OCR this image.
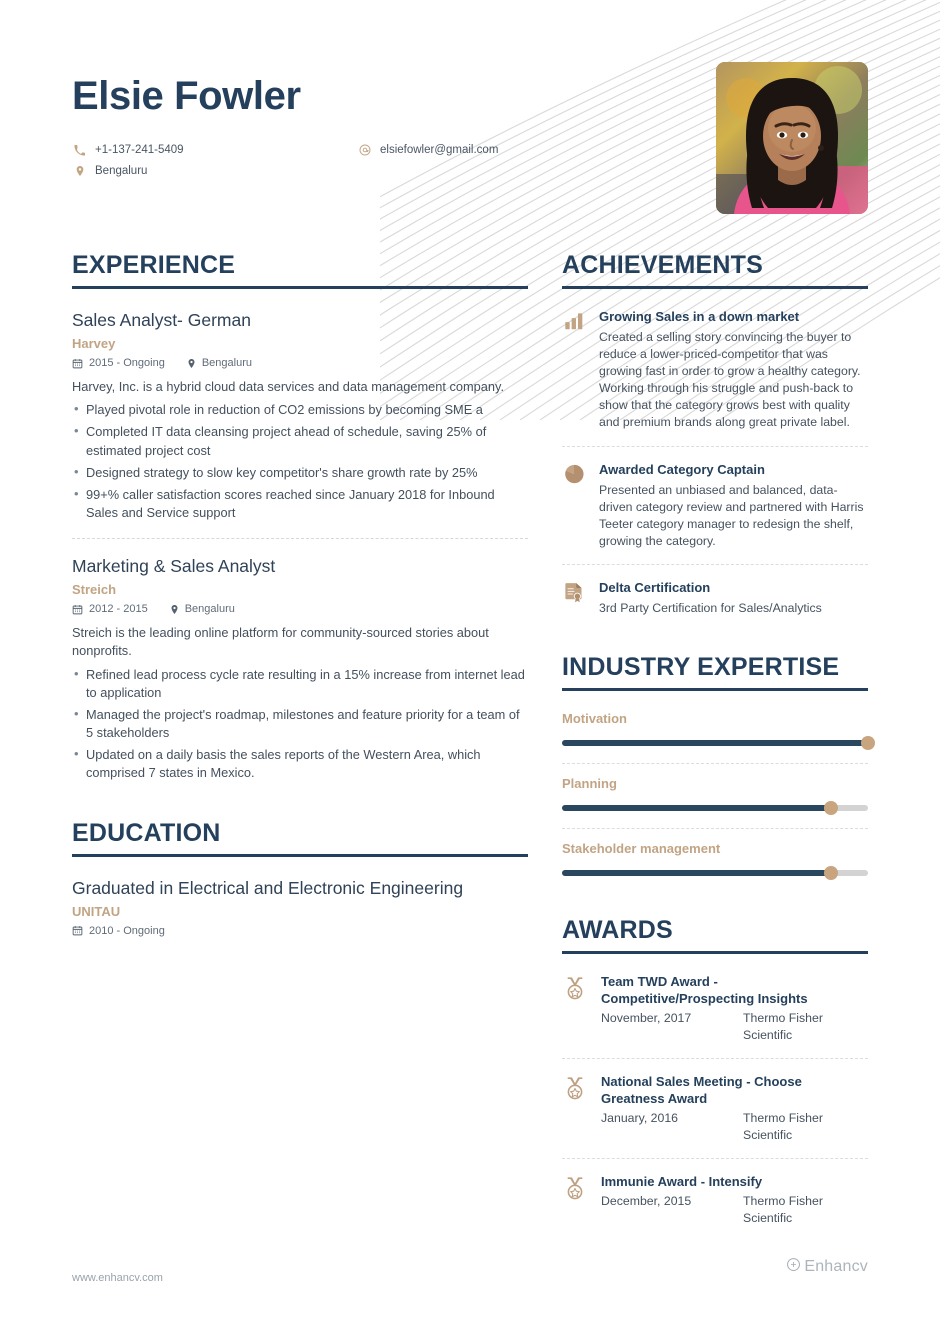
Elsie Fowler
+1-137-241-5409	elsiefowler@gmail.com
Bengaluru
EXPERIENCE
Sales Analyst- German
Harvey
2015 - Ongoing	Bengaluru
Harvey, Inc. is a hybrid cloud data services and data management company.
• Played pivotal role in reduction of CO2 emissions by becoming SME a
• Completed IT data cleansing project ahead of schedule, saving 25% of estimated project cost
• Designed strategy to slow key competitor's share growth rate by 25%
• 99+% caller satisfaction scores reached since January 2018 for Inbound Sales and Service support
Marketing & Sales Analyst
Streich
2012 - 2015	Bengaluru
Streich is the leading online platform for community-sourced stories about nonprofits.
• Refined lead process cycle rate resulting in a 15% increase from internet lead to application
• Managed the project's roadmap, milestones and feature priority for a team of 5 stakeholders
• Updated on a daily basis the sales reports of the Western Area, which comprised 7 states in Mexico.
EDUCATION
Graduated in Electrical and Electronic Engineering
UNITAU
2010 - Ongoing
ACHIEVEMENTS
Growing Sales in a down market
Created a selling story convincing the buyer to reduce a lower-priced-competitor that was growing fast in order to grow a healthy category. Working through his struggle and push-back to show that the category grows best with quality and premium brands along great private label.
Awarded Category Captain
Presented an unbiased and balanced, data-driven category review and partnered with Harris Teeter category manager to redesign the shelf, growing the category.
Delta Certification
3rd Party Certification for Sales/Analytics
INDUSTRY EXPERTISE
Motivation
Planning
Stakeholder management
AWARDS
Team TWD Award - Competitive/Prospecting Insights
November, 2017	Thermo Fisher Scientific
National Sales Meeting - Choose Greatness Award
January, 2016	Thermo Fisher Scientific
Immunie Award - Intensify
December, 2015	Thermo Fisher Scientific
www.enhancv.com
Enhancv
